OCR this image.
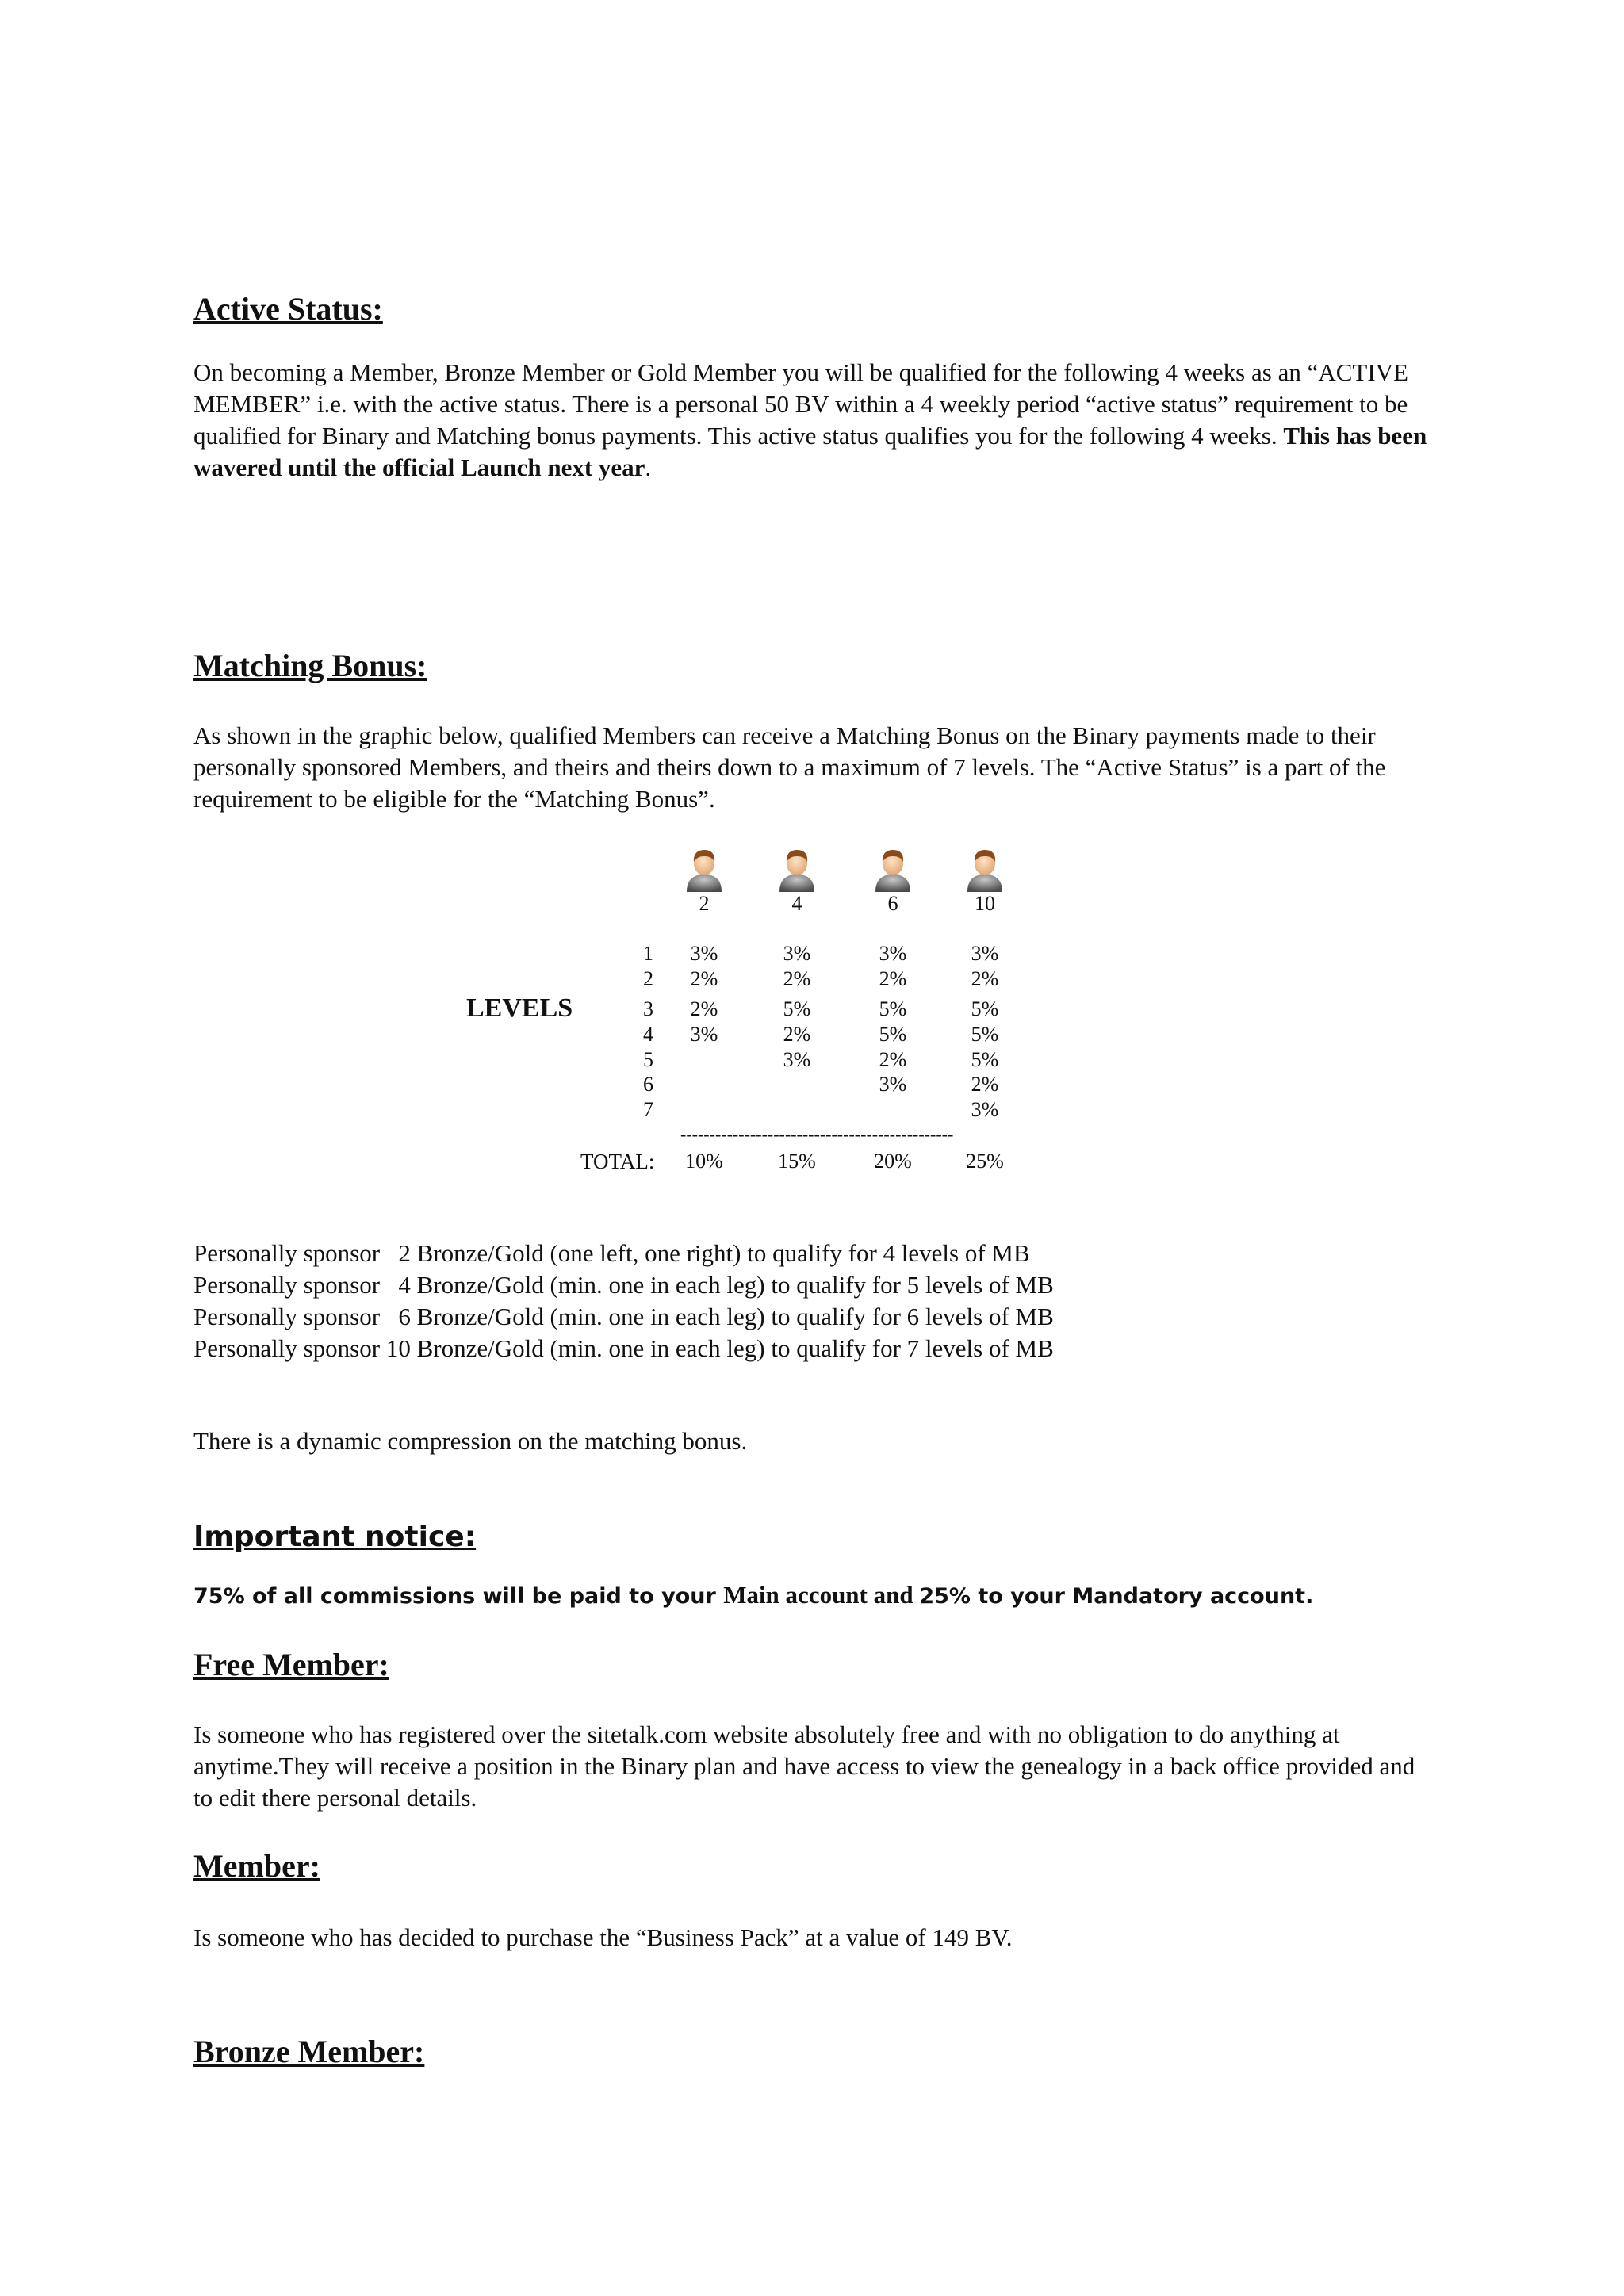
Active Status:

On becoming a Member, Bronze Member or Gold Member you will be qualified for the following 4 weeks as an “ACTIVE MEMBER” i.e. with the active status. There is a personal 50 BV within a 4 weekly period “active status” requirement to be qualified for Binary and Matching bonus payments. This active status qualifies you for the following 4 weeks. This has been wavered until the official Launch next year.

Matching Bonus:

As shown in the graphic below, qualified Members can receive a Matching Bonus on the Binary payments made to their personally sponsored Members, and theirs and theirs down to a maximum of 7 levels. The “Active Status” is a part of the requirement to be eligible for the “Matching Bonus”.

LEVELS
2
3%
2%
2%
3%
10%
4
3%
2%
5%
2%
3%
15%
6
3%
2%
5%
5%
2%
3%
20%
10
3%
2%
5%
5%
5%
2%
3%
25%
1
2
3
4
5
6
7
-----------------------------------------------
TOTAL:

Personally sponsor   2 Bronze/Gold (one left, one right) to qualify for 4 levels of MB

Personally sponsor   4 Bronze/Gold (min. one in each leg) to qualify for 5 levels of MB

Personally sponsor   6 Bronze/Gold (min. one in each leg) to qualify for 6 levels of MB

Personally sponsor 10 Bronze/Gold (min. one in each leg) to qualify for 7 levels of MB

There is a dynamic compression on the matching bonus.

Important notice:

75% of all commissions will be paid to your Main account and 25% to your Mandatory account.

Free Member:

Is someone who has registered over the sitetalk.com website absolutely free and with no obligation to do anything at anytime.They will receive a position in the Binary plan and have access to view the genealogy in a back office provided and to edit there personal details.

Member:

Is someone who has decided to purchase the “Business Pack” at a value of 149 BV.

Bronze Member:
